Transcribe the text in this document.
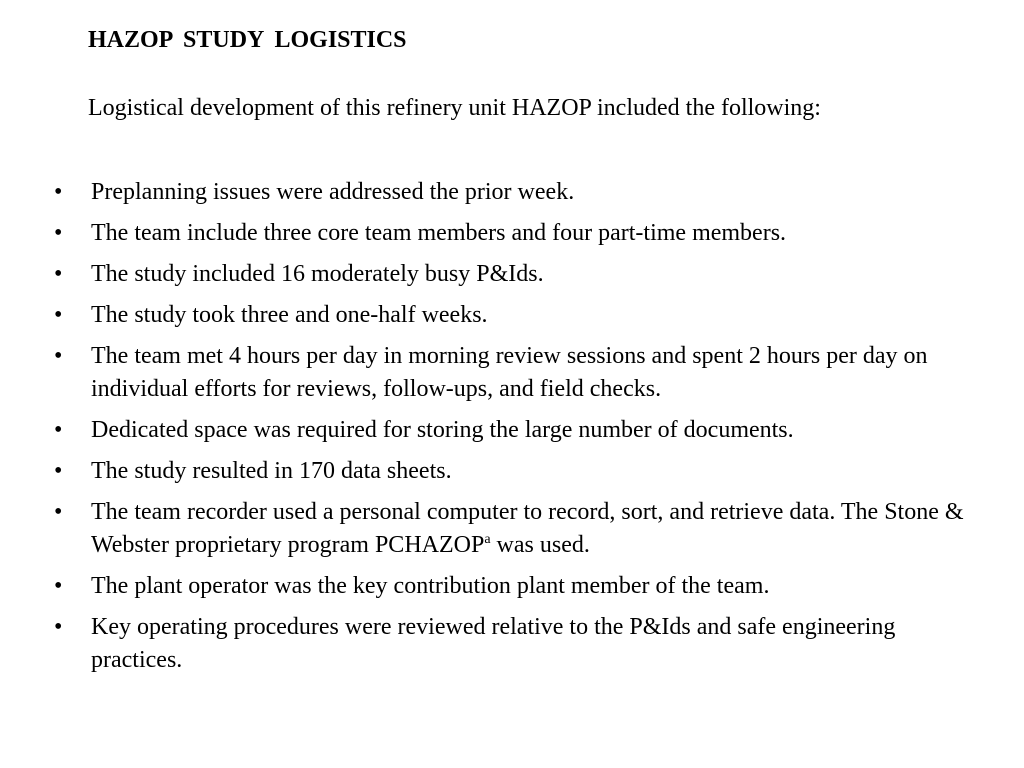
HAZOP STUDY LOGISTICS
Logistical development of this refinery unit HAZOP included the following:
• Preplanning issues were addressed the prior week.
• The team include three core team members and four part-time members.
• The study included 16 moderately busy P&Ids.
• The study took three and one-half weeks.
• The team met 4 hours per day in morning review sessions and spent 2 hours per day on individual efforts for reviews, follow-ups, and field checks.
• Dedicated space was required for storing the large number of documents.
• The study resulted in 170 data sheets.
• The team recorder used a personal computer to record, sort, and retrieve data. The Stone & Webster proprietary program PCHAZOP$^a$ was used.
• The plant operator was the key contribution plant member of the team.
• Key operating procedures were reviewed relative to the P&Ids and safe engineering practices.
